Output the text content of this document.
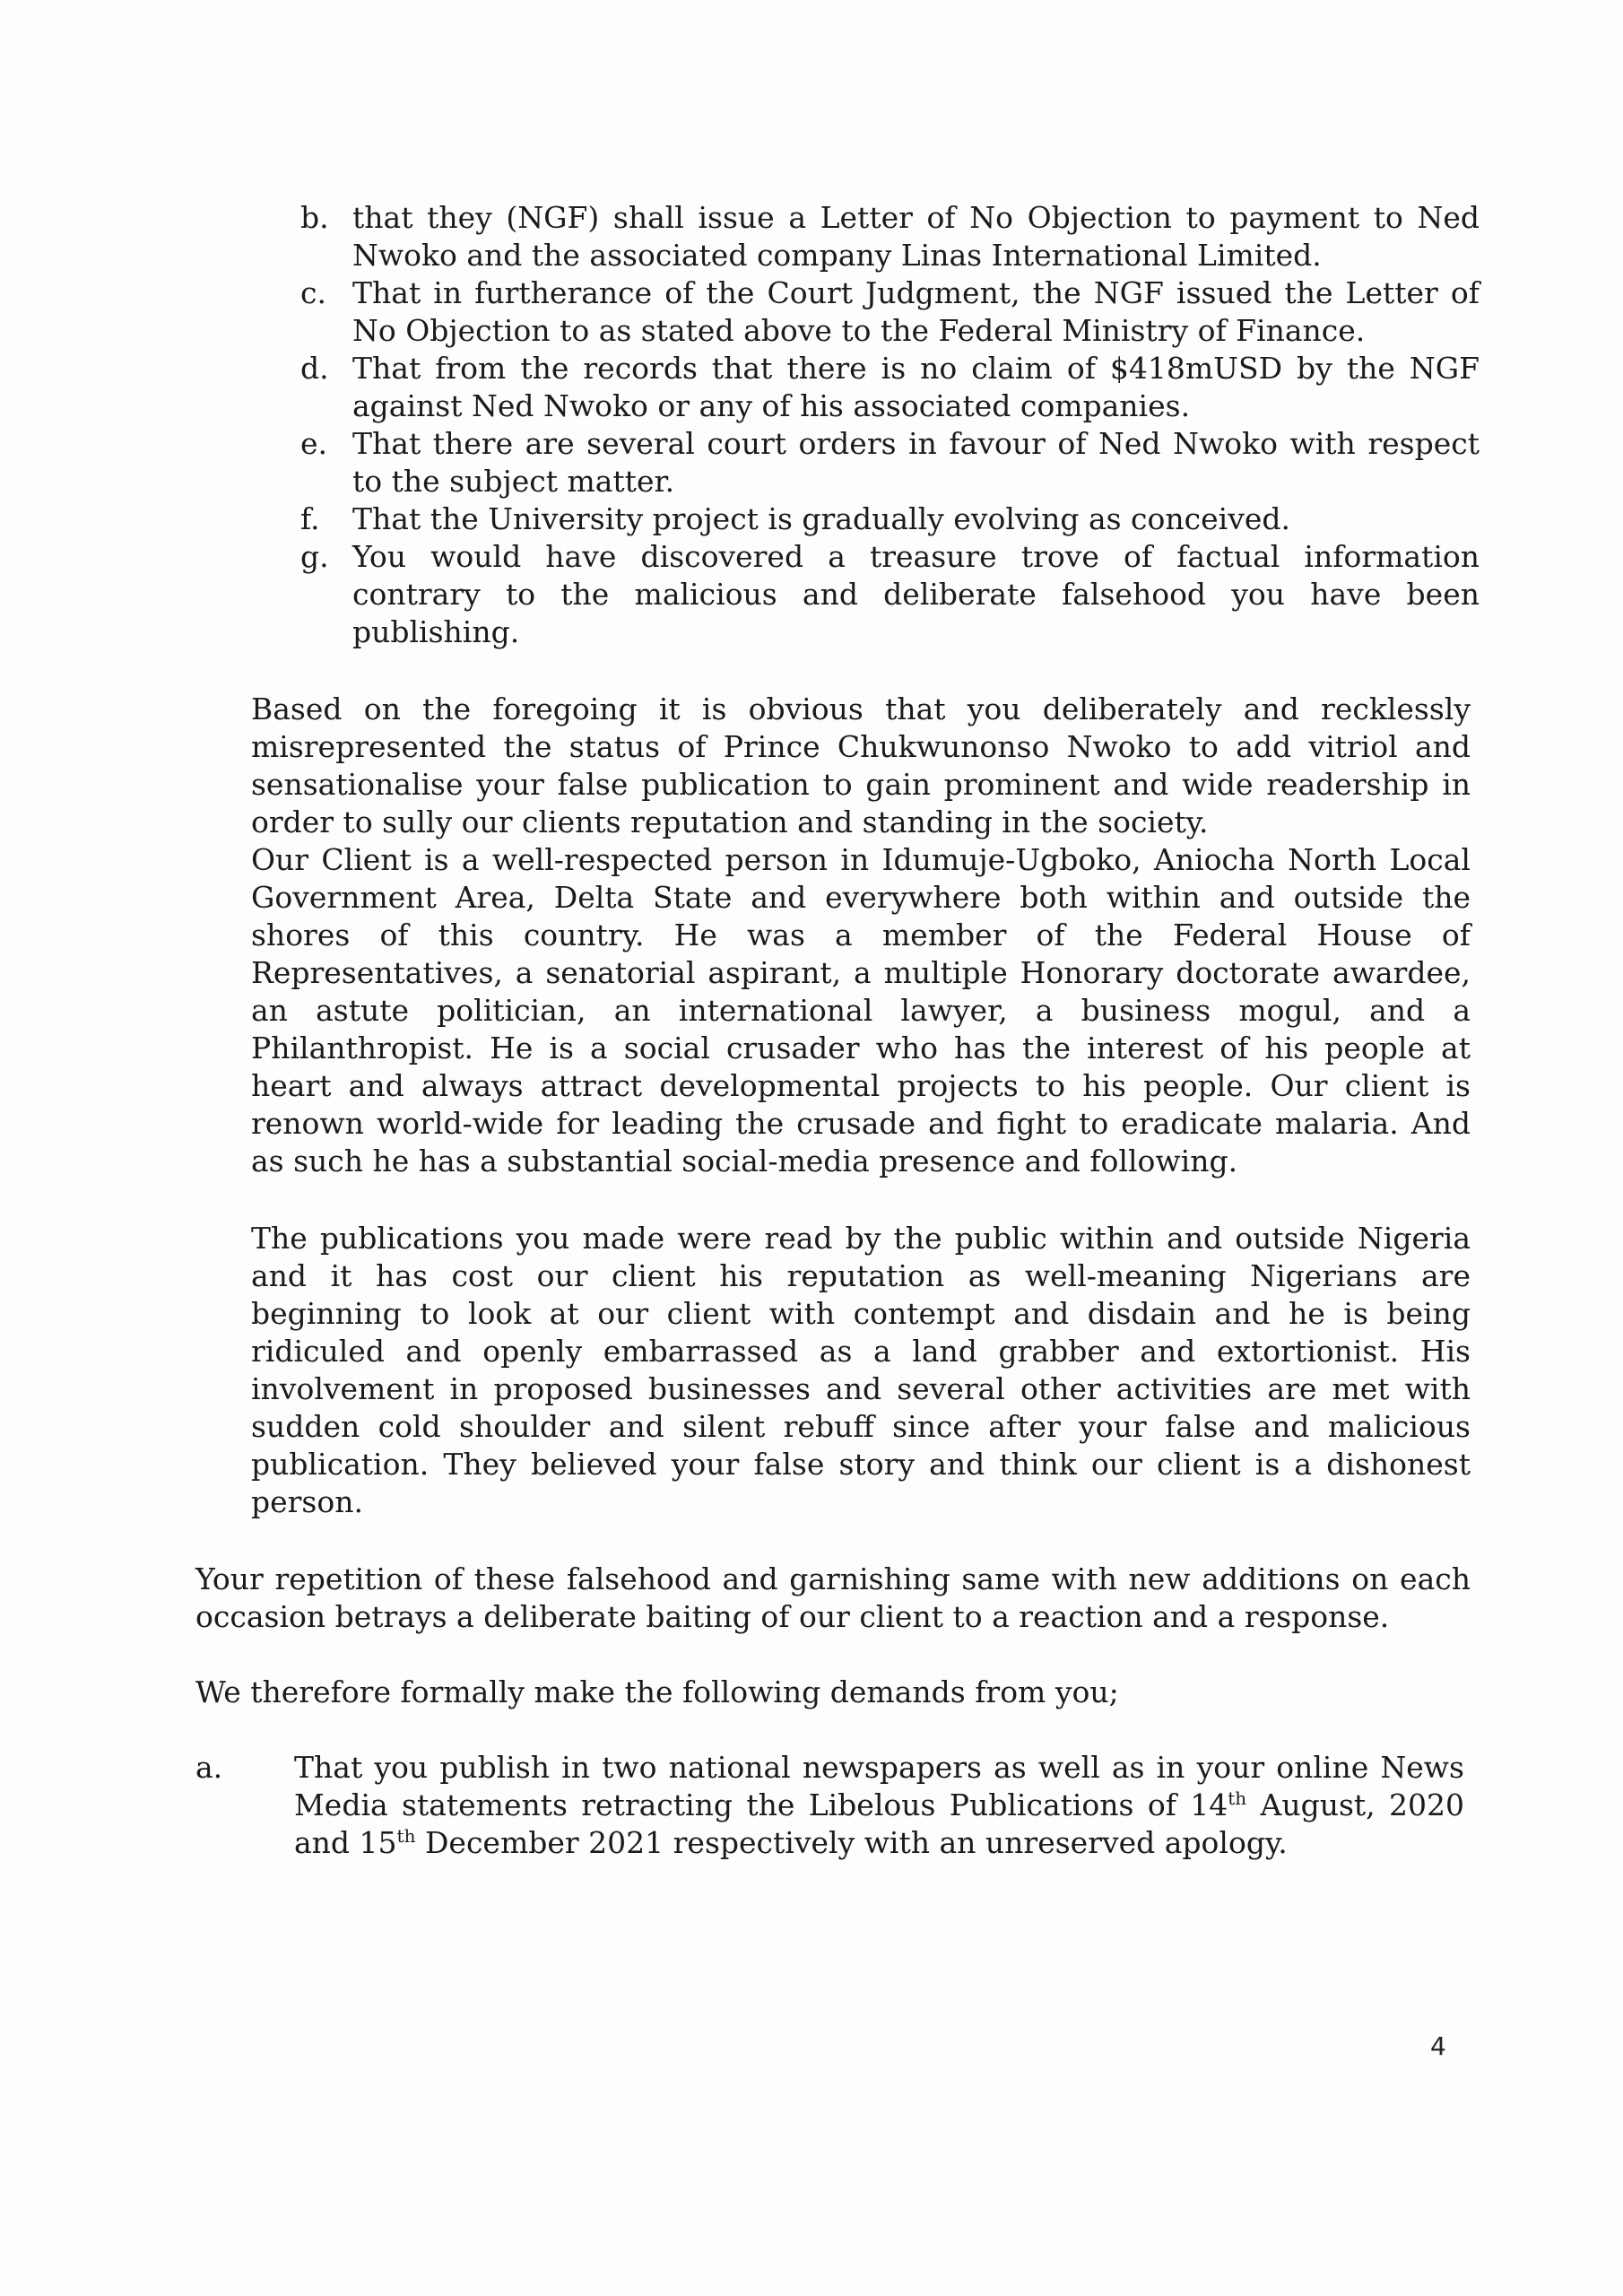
b. that they (NGF) shall issue a Letter of No Objection to payment to Ned Nwoko and the associated company Linas International Limited.

c. That in furtherance of the Court Judgment, the NGF issued the Letter of No Objection to as stated above to the Federal Ministry of Finance.

d. That from the records that there is no claim of $418mUSD by the NGF against Ned Nwoko or any of his associated companies.

e. That there are several court orders in favour of Ned Nwoko with respect to the subject matter.

f. That the University project is gradually evolving as conceived.

g. You would have discovered a treasure trove of factual information contrary to the malicious and deliberate falsehood you have been publishing.

Based on the foregoing it is obvious that you deliberately and recklessly misrepresented the status of Prince Chukwunonso Nwoko to add vitriol and sensationalise your false publication to gain prominent and wide readership in order to sully our clients reputation and standing in the society.

Our Client is a well-respected person in Idumuje-Ugboko, Aniocha North Local Government Area, Delta State and everywhere both within and outside the shores of this country. He was a member of the Federal House of Representatives, a senatorial aspirant, a multiple Honorary doctorate awardee, an astute politician, an international lawyer, a business mogul, and a Philanthropist. He is a social crusader who has the interest of his people at heart and always attract developmental projects to his people. Our client is renown world-wide for leading the crusade and fight to eradicate malaria. And as such he has a substantial social-media presence and following.

The publications you made were read by the public within and outside Nigeria and it has cost our client his reputation as well-meaning Nigerians are beginning to look at our client with contempt and disdain and he is being ridiculed and openly embarrassed as a land grabber and extortionist. His involvement in proposed businesses and several other activities are met with sudden cold shoulder and silent rebuff since after your false and malicious publication. They believed your false story and think our client is a dishonest person.

Your repetition of these falsehood and garnishing same with new additions on each occasion betrays a deliberate baiting of our client to a reaction and a response.

We therefore formally make the following demands from you;

a. That you publish in two national newspapers as well as in your online News Media statements retracting the Libelous Publications of 14th August, 2020 and 15th December 2021 respectively with an unreserved apology.

4
